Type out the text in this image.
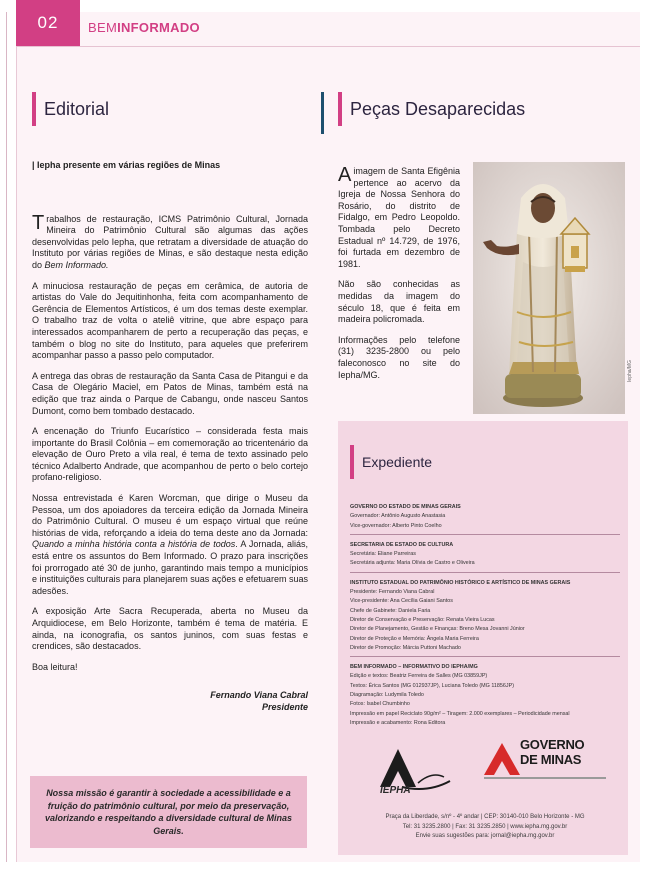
02	BEMINFORMADO
Editorial	Peças Desaparecidas
| Iepha presente em várias regiões de Minas

Trabalhos de restauração, ICMS Patrimônio Cultural, Jornada Mineira do Patrimônio Cultural são algumas das ações desenvolvidas pelo Iepha, que retratam a diversidade de atuação do Instituto por várias regiões de Minas, e são destaque nesta edição do Bem Informado.

A minuciosa restauração de peças em cerâmica, de autoria de artistas do Vale do Jequitinhonha, feita com acompanhamento de Gerência de Elementos Artísticos, é um dos temas deste exemplar. O trabalho traz de volta o ateliê vitrine, que abre espaço para interessados acompanharem de perto a recuperação das peças, e também o blog no site do Instituto, para aqueles que preferirem acompanhar passo a passo pelo computador.

A entrega das obras de restauração da Santa Casa de Pitangui e da Casa de Olegário Maciel, em Patos de Minas, também está na edição que traz ainda o Parque de Cabangu, onde nasceu Santos Dumont, como bem tombado destacado.

A encenação do Triunfo Eucarístico – considerada festa mais importante do Brasil Colônia – em comemoração ao tricentenário da elevação de Ouro Preto a vila real, é tema de texto assinado pelo técnico Adalberto Andrade, que acompanhou de perto o belo cortejo profano-religioso.

Nossa entrevistada é Karen Worcman, que dirige o Museu da Pessoa, um dos apoiadores da terceira edição da Jornada Mineira do Patrimônio Cultural. O museu é um espaço virtual que reúne histórias de vida, reforçando a ideia do tema deste ano da Jornada: Quando a minha história conta a história de todos. A Jornada, aliás, está entre os assuntos do Bem Informado. O prazo para inscrições foi prorrogado até 30 de junho, garantindo mais tempo a municípios e instituições culturais para planejarem suas ações e efetuarem suas adesões.

A exposição Arte Sacra Recuperada, aberta no Museu da Arquidiocese, em Belo Horizonte, também é tema de matéria. E ainda, na iconografia, os santos juninos, com suas festas e crendices, são destacados.

Boa leitura!

Fernando Viana Cabral
Presidente
Nossa missão é garantir à sociedade a acessibilidade e a fruição do patrimônio cultural, por meio da preservação, valorizando e respeitando a diversidade cultural de Minas Gerais.

A imagem de Santa Efigênia pertence ao acervo da Igreja de Nossa Senhora do Rosário, do distrito de Fidalgo, em Pedro Leopoldo. Tombada pelo Decreto Estadual nº 14.729, de 1976, foi furtada em dezembro de 1981.

Não são conhecidas as medidas da imagem do século 18, que é feita em madeira policromada.

Informações pelo telefone (31) 3235-2800 ou pelo faleconosco no site do Iepha/MG.	Iepha/MG
Expediente
GOVERNO DO ESTADO DE MINAS GERAIS
Governador: Antônio Augusto Anastasia
Vice-governador: Alberto Pinto Coelho
SECRETARIA DE ESTADO DE CULTURA
Secretária: Eliane Parreiras
Secretária adjunta: Maria Olívia de Castro e Oliveira
INSTITUTO ESTADUAL DO PATRIMÔNIO HISTÓRICO E ARTÍSTICO DE MINAS GERAIS
Presidente: Fernando Viana Cabral
Vice-presidente: Ana Cecília Gaiani Santos
Chefe de Gabinete: Daniela Faria
Diretor de Conservação e Preservação: Renata Vieira Lucas
Diretor de Planejamento, Gestão e Finanças: Breno Mesa Jovanni Júnior
Diretor de Proteção e Memória: Ângela Maria Ferreira
Diretor de Promoção: Márcia Puttoni Machado
BEM INFORMADO – INFORMATIVO DO IEPHA/MG
Edição e textos: Beatriz Ferreira de Salles (MG 03859JP)
Textos: Érica Santos (MG 012937JP), Luciana Toledo (MG 11856JP)
Diagramação: Ludymila Toledo
Fotos: Isabel Chumbinho
Impressão em papel Reciclato 90g/m² – Tiragem: 2.000 exemplares – Periodicidade mensal
Impressão e acabamento: Rona Editora
IEPHA
GOVERNO
DE MINAS
Praça da Liberdade, s/nº - 4º andar | CEP: 30140-010 Belo Horizonte - MG
Tel: 31 3235.2800 | Fax: 31 3235.2850 | www.iepha.mg.gov.br
Envie suas sugestões para: jornal@iepha.mg.gov.br
